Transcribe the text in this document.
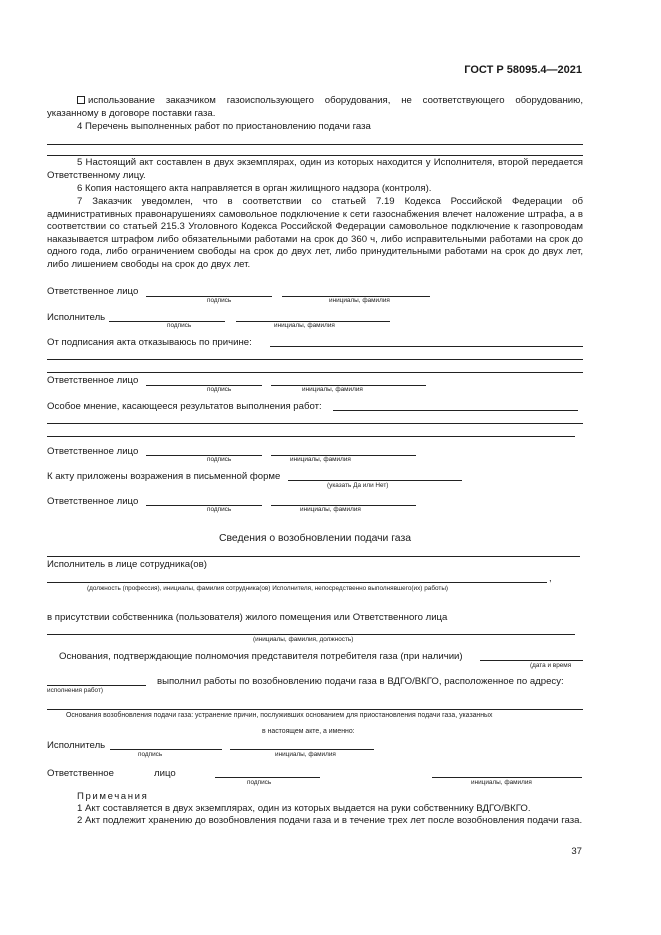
ГОСТ Р 58095.4—2021
использование заказчиком газоиспользующего оборудования, не соответствующего оборудованию, указанному в договоре поставки газа.
4 Перечень выполненных работ по приостановлению подачи газа
5 Настоящий акт составлен в двух экземплярах, один из которых находится у Исполнителя, второй передается Ответственному лицу.
6 Копия настоящего акта направляется в орган жилищного надзора (контроля).
7 Заказчик уведомлен, что в соответствии со статьей 7.19 Кодекса Российской Федерации об административных правонарушениях самовольное подключение к сети газоснабжения влечет наложение штрафа, а в соответствии со статьей 215.3 Уголовного Кодекса Российской Федерации самовольное подключение к газопроводам наказывается штрафом либо обязательными работами на срок до 360 ч, либо исправительными работами на срок до одного года, либо ограничением свободы на срок до двух лет, либо принудительными работами на срок до двух лет, либо лишением свободы на срок до двух лет.
Ответственное лицо
подпись	инициалы, фамилия
Исполнитель
подпись	инициалы, фамилия
От подписания акта отказываюсь по причине:
Ответственное лицо
подпись	инициалы, фамилия
Особое мнение, касающееся результатов выполнения работ:
Ответственное лицо
подпись	инициалы, фамилия
К акту приложены возражения в письменной форме
(указать Да или Нет)
Ответственное лицо
подпись	инициалы, фамилия
Сведения о возобновлении подачи газа
Исполнитель в лице сотрудника(ов)
,
(должность (профессия), инициалы, фамилия сотрудника(ов) Исполнителя, непосредственно выполнявшего(их) работы)
в присутствии собственника (пользователя) жилого помещения или Ответственного лица
(инициалы, фамилия, должность)
Основания, подтверждающие полномочия представителя потребителя газа (при наличии)
(дата и время
выполнил работы по возобновлению подачи газа в ВДГО/ВКГО, расположенное по адресу:
исполнения работ)
Основания возобновления подачи газа: устранение причин, послуживших основанием для приостановления подачи газа, указанных
в настоящем акте, а именно:
Исполнитель
подпись	инициалы, фамилия
Ответственное	лицо
подпись	инициалы, фамилия
Примечания
1 Акт составляется в двух экземплярах, один из которых выдается на руки собственнику ВДГО/ВКГО.
2 Акт подлежит хранению до возобновления подачи газа и в течение трех лет после возобновления подачи газа.
37
